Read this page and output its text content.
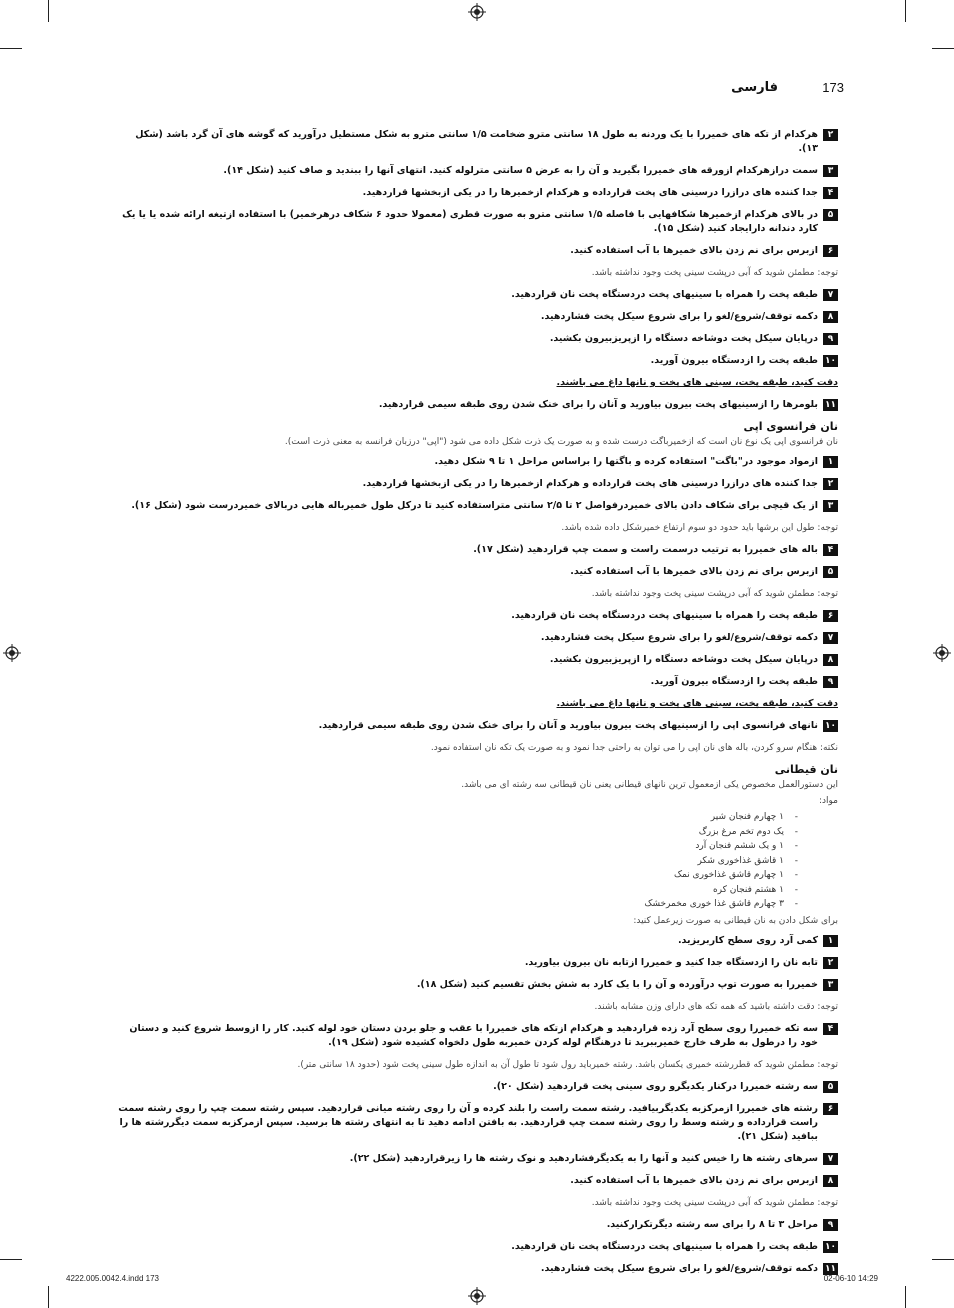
173
فارسی
۲
هرکدام از تکه های خمیررا با یک وردنه به طول ۱۸ سانتی مترو ضخامت ۱/۵ سانتی مترو به شکل مستطیل درآورید که گوشه های آن گرد باشد (شکل ۱۳).
۳
سمت درازهرکدام ازورقه های خمیررا بگیرید و آن را به عرض ۵ سانتی مترلوله کنید. انتهای آنها را ببندید و صاف کنید (شکل ۱۴).
۴
جدا کننده های درازرا درسینی های پخت قرارداده و هرکدام ازخمیرها را در یکی ازبخشها قراردهید.
۵
در بالای هرکدام ازخمیرها شکافهایی با فاصله ۱/۵ سانتی مترو به صورت قطری (معمولا حدود ۶ شکاف درهرخمیر) با استفاده ازتیغه ارائه شده یا یا یک کارد دندانه دارایجاد کنید (شکل ۱۵).
۶
ازبرس برای نم زدن بالای خمیرها با آب استفاده کنید.
توجه: مطمئن شوید که آبی درپشت سینی پخت وجود نداشته باشد.
۷
طبقه پخت را همراه با سینیهای پخت دردستگاه پخت نان قراردهید.
۸
دکمه توقف/شروع/لغو را برای شروع سیکل پخت فشاردهید.
۹
درپایان سیکل پخت دوشاخه دستگاه را ازپریزبیرون بکشید.
۱۰
طبقه پخت را ازدستگاه بیرون آورید.
دقت کنید، طبقه پخت، سینی های پخت و نانها داغ می باشند.
۱۱
بلومرها را ازسینیهای پخت بیرون بیاورید و آنان را برای خنک شدن روی طبقه سیمی قراردهید.
نان فرانسوی اپی
نان فرانسوی اپی یک نوع نان است که ازخمیرباگت درست شده و به صورت یک ذرت شکل داده می شود ("اپی" درزبان فرانسه به معنی ذرت است).
۱
ازمواد موجود در"باگت" استفاده کرده و باگتها را براساس مراحل ۱ تا ۹ شکل دهید.
۲
جدا کننده های درازرا درسینی های پخت قرارداده و هرکدام ازخمیرها را در یکی ازبخشها قراردهید.
۳
از یک قیچی برای شکاف دادن بالای خمیردرفواصل ۲ تا ۲/۵ سانتی متراستفاده کنید تا درکل طول خمیرباله هایی دربالای خمیردرست شود (شکل ۱۶).
توجه: طول این برشها باید حدود دو سوم ارتفاع خمیرشکل داده شده باشد.
۴
باله های خمیررا به ترتیب درسمت راست و سمت چپ قراردهید (شکل ۱۷).
۵
ازبرس برای نم زدن بالای خمیرها با آب استفاده کنید.
توجه: مطمئن شوید که آبی درپشت سینی پخت وجود نداشته باشد.
۶
طبقه پخت را همراه با سینیهای پخت دردستگاه پخت نان قراردهید.
۷
دکمه توقف/شروع/لغو را برای شروع سیکل پخت فشاردهید.
۸
درپایان سیکل پخت دوشاخه دستگاه را ازپریزبیرون بکشید.
۹
طبقه پخت را ازدستگاه بیرون آورید.
دقت کنید، طبقه پخت، سینی های پخت و نانها داغ می باشند.
۱۰
نانهای فرانسوی اپی را ازسینیهای پخت بیرون بیاورید و آنان را برای خنک شدن روی طبقه سیمی قراردهید.
نکته: هنگام سرو کردن، باله های نان اپی را می توان به راحتی جدا نمود و به صورت یک تکه نان استفاده نمود.
نان قیطانی
این دستورالعمل مخصوص یکی ازمعمول ترین نانهای قیطانی یعنی نان قیطانی سه رشته ای می باشد.
مواد:
- ۱ چهارم فنجان شیر
- یک دوم تخم مرغ بزرگ
- ۱ و یک ششم فنجان آرد
- ۱ قاشق غذاخوری شکر
- ۱ چهارم قاشق غذاخوری نمک
- ۱ هشتم فنجان کره
- ۳ چهارم قاشق غذا خوری مخمرخشک
برای شکل دادن به نان قیطانی به صورت زیرعمل کنید:
۱
کمی آرد روی سطح کاربریزید.
۲
تابه نان را ازدستگاه جدا کنید و خمیررا ازتابه نان بیرون بیاورید.
۳
خمیررا به صورت توپ درآورده و آن را با یک کارد به شش بخش تقسیم کنید (شکل ۱۸).
توجه: دقت داشته باشید که همه تکه های دارای وزن مشابه باشند.
۴
سه تکه خمیررا روی سطح آرد زده قراردهید و هرکدام ازتکه های خمیررا با عقب و جلو بردن دستان خود لوله کنید. کار را ازوسط شروع کنید و دستان خود را درطول به طرف خارج خمیرببرید تا درهنگام لوله کردن خمیربه طول دلخواه کشیده شود (شکل ۱۹).
توجه: مطمئن شوید که قطررشته خمیری یکسان باشد. رشته خمیرباید رول شود تا طول آن به اندازه طول سینی پخت شود (حدود ۱۸ سانتی متر).
۵
سه رشته خمیررا درکنار یکدیگرو روی سینی پخت قراردهید (شکل ۲۰).
۶
رشته های خمیررا ازمرکزبه یکدیگربیافید. رشته سمت راست را بلند کرده و آن را روی رشته میانی قراردهید. سپس رشته سمت چپ را روی رشته سمت راست قرارداده و رشته وسط را روی رشته سمت چپ قراردهید. به بافتن ادامه دهید تا به انتهای رشته ها برسید. سپس ازمرکزبه سمت دیگررشته ها را ببافید (شکل ۲۱).
۷
سرهای رشته ها را خیس کنید و آنها را به یکدیگرفشاردهید و نوک رشته ها را زیرقراردهید (شکل ۲۲).
۸
ازبرس برای نم زدن بالای خمیرها با آب استفاده کنید.
توجه: مطمئن شوید که آبی درپشت سینی پخت وجود نداشته باشد.
۹
مراحل ۳ تا ۸ را برای سه رشته دیگرتکرارکنید.
۱۰
طبقه پخت را همراه با سینیهای پخت دردستگاه پخت نان قراردهید.
۱۱
دکمه توقف/شروع/لغو را برای شروع سیکل پخت فشاردهید.
4222.005.0042.4.indd 173	02-06-10 14:29
